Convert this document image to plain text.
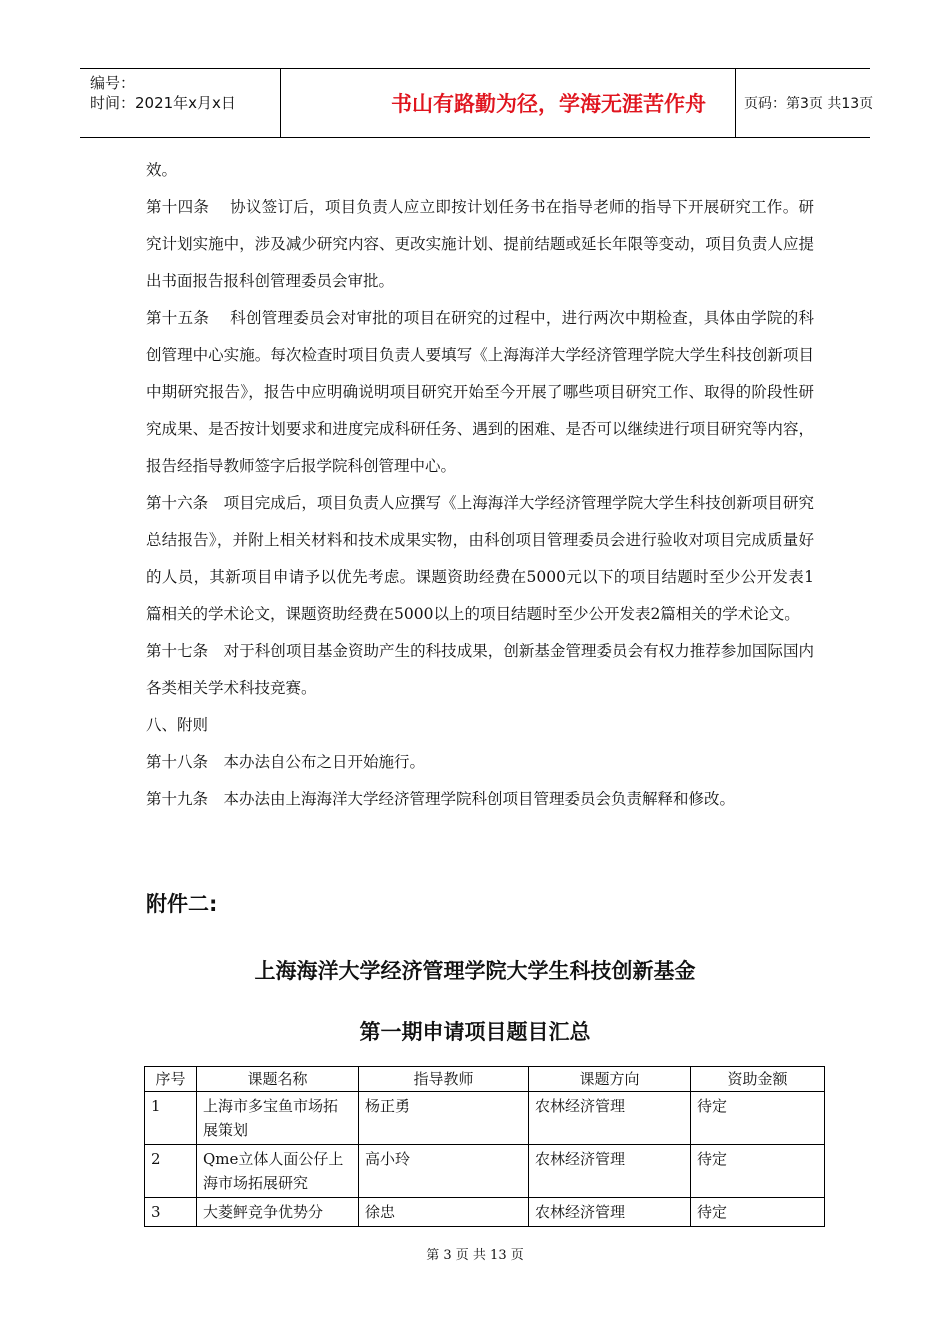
编号：
时间：2021年x月x日	书山有路勤为径，学海无涯苦作舟	页码：第3页 共13页

效。

第十四条　 协议签订后，项目负责人应立即按计划任务书在指导老师的指导下开展研究工作。研究计划实施中，涉及减少研究内容、更改实施计划、提前结题或延长年限等变动，项目负责人应提出书面报告报科创管理委员会审批。

第十五条　 科创管理委员会对审批的项目在研究的过程中，进行两次中期检查，具体由学院的科创管理中心实施。每次检查时项目负责人要填写《上海海洋大学经济管理学院大学生科技创新项目中期研究报告》，报告中应明确说明项目研究开始至今开展了哪些项目研究工作、取得的阶段性研究成果、是否按计划要求和进度完成科研任务、遇到的困难、是否可以继续进行项目研究等内容，报告经指导教师签字后报学院科创管理中心。

第十六条　项目完成后，项目负责人应撰写《上海海洋大学经济管理学院大学生科技创新项目研究总结报告》，并附上相关材料和技术成果实物，由科创项目管理委员会进行验收对项目完成质量好的人员，其新项目申请予以优先考虑。课题资助经费在5000元以下的项目结题时至少公开发表1篇相关的学术论文，课题资助经费在5000以上的项目结题时至少公开发表2篇相关的学术论文。

第十七条　对于科创项目基金资助产生的科技成果，创新基金管理委员会有权力推荐参加国际国内各类相关学术科技竞赛。

八、附则

第十八条　本办法自公布之日开始施行。

第十九条　本办法由上海海洋大学经济管理学院科创项目管理委员会负责解释和修改。

附件二:
上海海洋大学经济管理学院大学生科技创新基金
第一期申请项目题目汇总
序号	课题名称	指导教师	课题方向	资助金额
1	上海市多宝鱼市场拓展策划	杨正勇	农林经济管理	待定
2	Qme立体人面公仔上海市场拓展研究	高小玲	农林经济管理	待定
3	大菱鲆竞争优势分	徐忠	农林经济管理	待定
第 3 页 共 13 页
